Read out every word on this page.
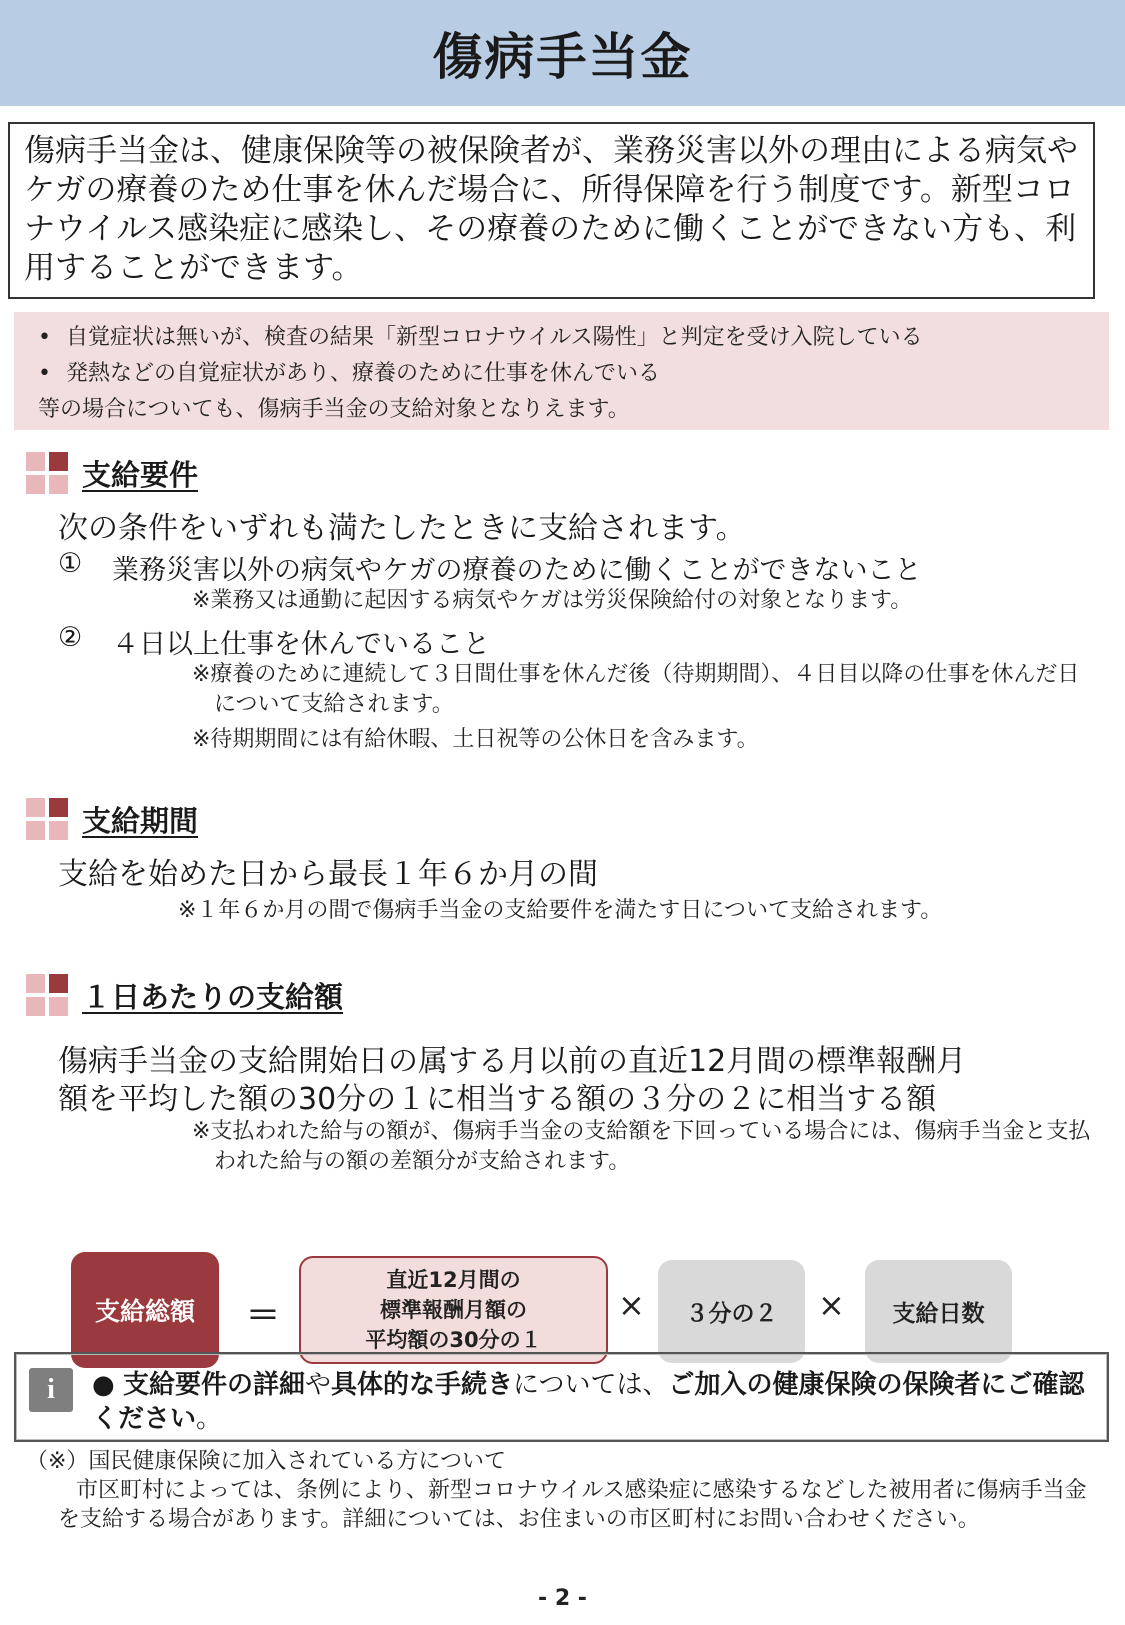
傷病手当金
傷病手当金は、健康保険等の被保険者が、業務災害以外の理由による病気やケガの療養のため仕事を休んだ場合に、所得保障を行う制度です。新型コロナウイルス感染症に感染し、その療養のために働くことができない方も、利用することができます。
• 自覚症状は無いが、検査の結果「新型コロナウイルス陽性」と判定を受け入院している
• 発熱などの自覚症状があり、療養のために仕事を休んでいる
等の場合についても、傷病手当金の支給対象となりえます。
支給要件
次の条件をいずれも満たしたときに支給されます。
① 業務災害以外の病気やケガの療養のために働くことができないこと
※業務又は通勤に起因する病気やケガは労災保険給付の対象となります。
② ４日以上仕事を休んでいること
※療養のために連続して３日間仕事を休んだ後（待期期間）、４日目以降の仕事を休んだ日について支給されます。
※待期期間には有給休暇、土日祝等の公休日を含みます。
支給期間
支給を始めた日から最長１年６か月の間
※１年６か月の間で傷病手当金の支給要件を満たす日について支給されます。
１日あたりの支給額
傷病手当金の支給開始日の属する月以前の直近12月間の標準報酬月
額を平均した額の30分の１に相当する額の３分の２に相当する額
※支払われた給与の額が、傷病手当金の支給額を下回っている場合には、傷病手当金と支払われた給与の額の差額分が支給されます。
支給総額 ＝
直近12月間の
標準報酬月額の
平均額の30分の１
× ３分の２ × 支給日数
i	● 支給要件の詳細や具体的な手続きについては、ご加入の健康保険の保険者にご確認ください。
（※）国民健康保険に加入されている方について
市区町村によっては、条例により、新型コロナウイルス感染症に感染するなどした被用者に傷病手当金を支給する場合があります。詳細については、お住まいの市区町村にお問い合わせください。
- 2 -
